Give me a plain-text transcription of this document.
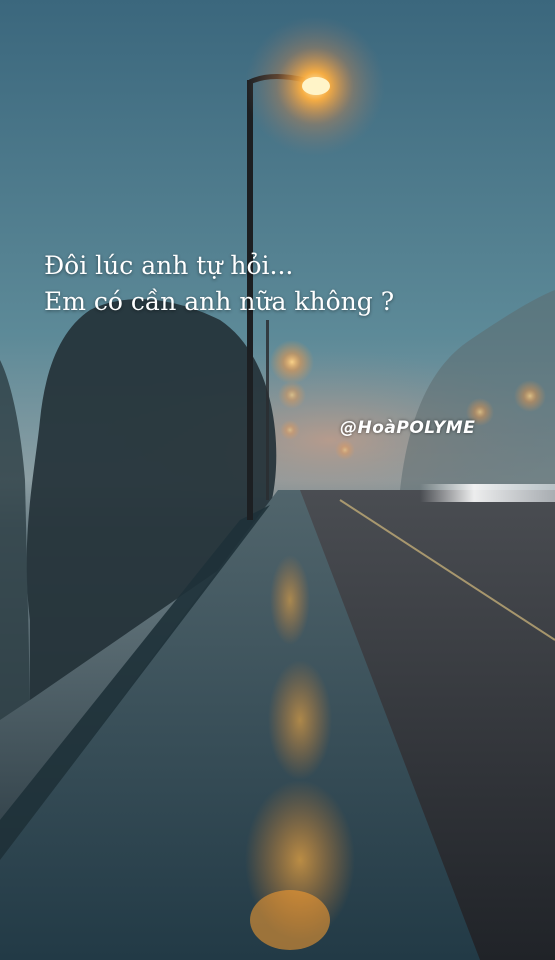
Đôi lúc anh tự hỏi...
Em có cần anh nữa không ?
@HoàPOLYME
